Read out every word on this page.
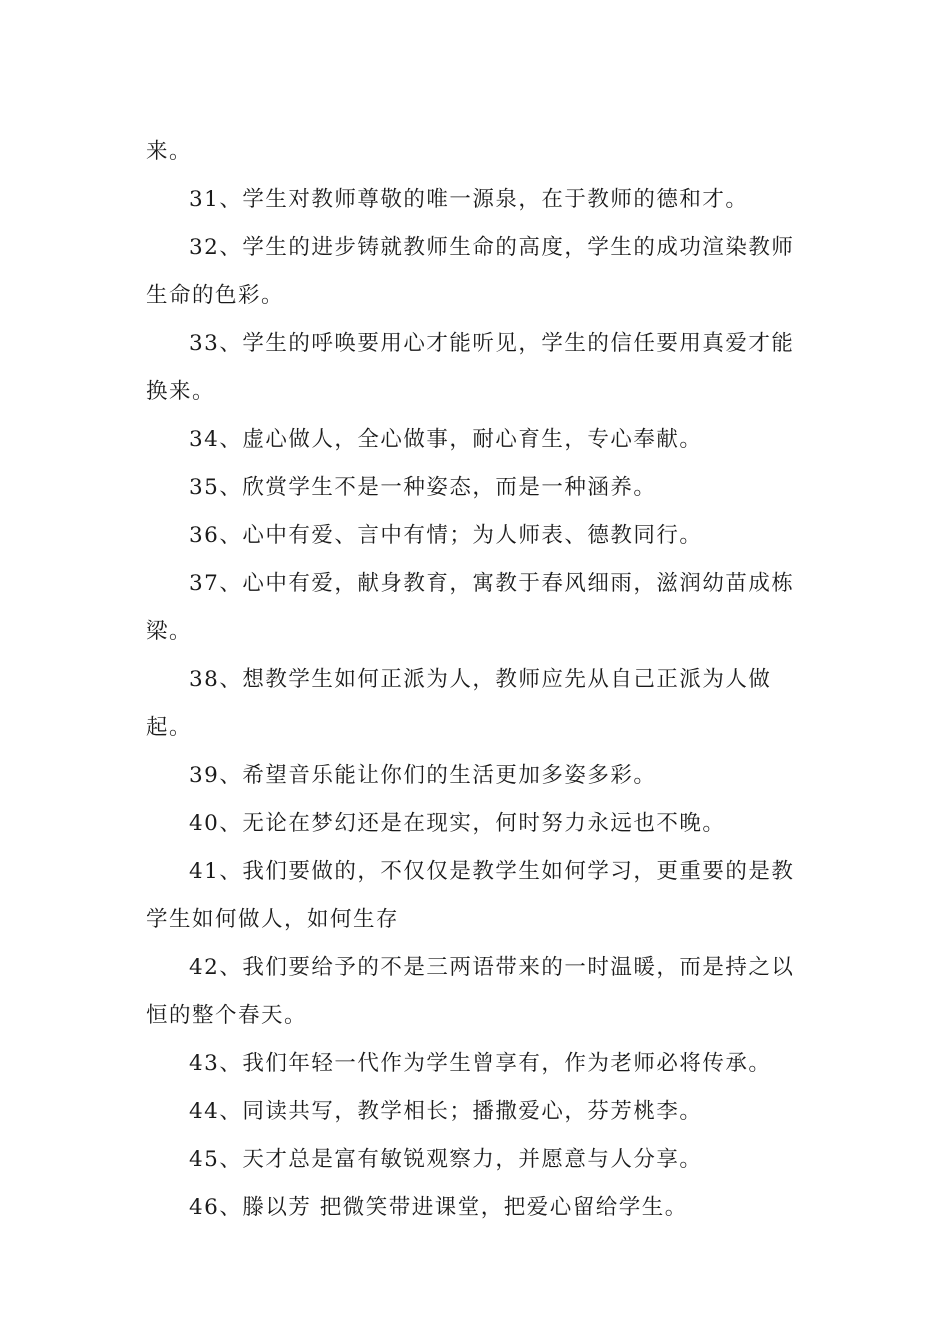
来。

31、学生对教师尊敬的唯一源泉，在于教师的德和才。

32、学生的进步铸就教师生命的高度，学生的成功渲染教师生命的色彩。

33、学生的呼唤要用心才能听见，学生的信任要用真爱才能换来。

34、虚心做人，全心做事，耐心育生，专心奉献。

35、欣赏学生不是一种姿态，而是一种涵养。

36、心中有爱、言中有情；为人师表、德教同行。

37、心中有爱，献身教育，寓教于春风细雨，滋润幼苗成栋梁。

38、想教学生如何正派为人，教师应先从自己正派为人做起。

39、希望音乐能让你们的生活更加多姿多彩。

40、无论在梦幻还是在现实，何时努力永远也不晚。

41、我们要做的，不仅仅是教学生如何学习，更重要的是教学生如何做人，如何生存

42、我们要给予的不是三两语带来的一时温暖，而是持之以恒的整个春天。

43、我们年轻一代作为学生曾享有，作为老师必将传承。

44、同读共写，教学相长；播撒爱心，芬芳桃李。

45、天才总是富有敏锐观察力，并愿意与人分享。

46、滕以芳 把微笑带进课堂，把爱心留给学生。
